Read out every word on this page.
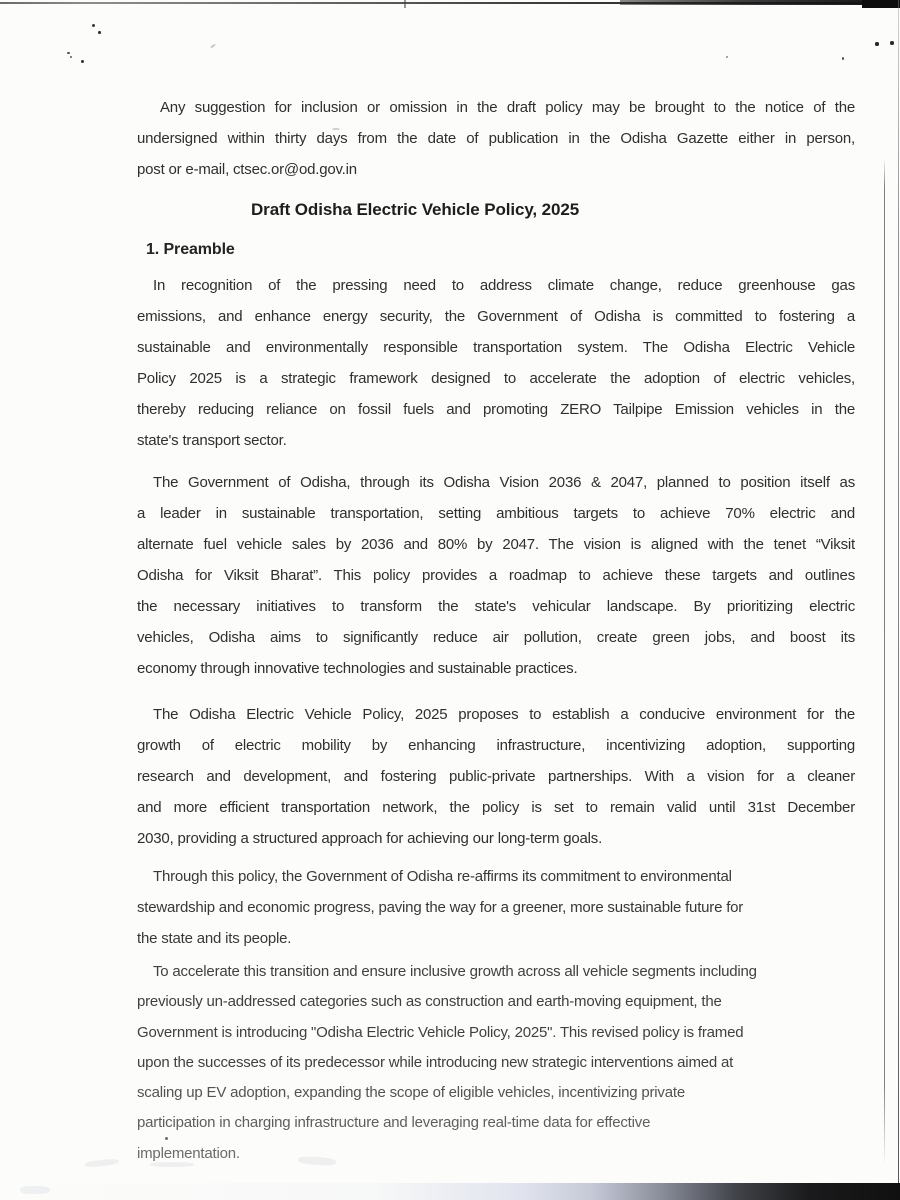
Any suggestion for inclusion or omission in the draft policy may be brought to the notice of the
undersigned within thirty days from the date of publication in the Odisha Gazette either in person,
post or e-mail, ctsec.or@od.gov.in
Draft Odisha Electric Vehicle Policy, 2025
1. Preamble
In recognition of the pressing need to address climate change, reduce greenhouse gas
emissions, and enhance energy security, the Government of Odisha is committed to fostering a
sustainable and environmentally responsible transportation system. The Odisha Electric Vehicle
Policy 2025 is a strategic framework designed to accelerate the adoption of electric vehicles,
thereby reducing reliance on fossil fuels and promoting ZERO Tailpipe Emission vehicles in the
state's transport sector.
The Government of Odisha, through its Odisha Vision 2036 & 2047, planned to position itself as
a leader in sustainable transportation, setting ambitious targets to achieve 70% electric and
alternate fuel vehicle sales by 2036 and 80% by 2047. The vision is aligned with the tenet “Viksit
Odisha for Viksit Bharat”. This policy provides a roadmap to achieve these targets and outlines
the necessary initiatives to transform the state's vehicular landscape. By prioritizing electric
vehicles, Odisha aims to significantly reduce air pollution, create green jobs, and boost its
economy through innovative technologies and sustainable practices.
The Odisha Electric Vehicle Policy, 2025 proposes to establish a conducive environment for the
growth of electric mobility by enhancing infrastructure, incentivizing adoption, supporting
research and development, and fostering public-private partnerships. With a vision for a cleaner
and more efficient transportation network, the policy is set to remain valid until 31st December
2030, providing a structured approach for achieving our long-term goals.
Through this policy, the Government of Odisha re-affirms its commitment to environmental
stewardship and economic progress, paving the way for a greener, more sustainable future for
the state and its people.
To accelerate this transition and ensure inclusive growth across all vehicle segments including
previously un-addressed categories such as construction and earth-moving equipment, the
Government is introducing "Odisha Electric Vehicle Policy, 2025". This revised policy is framed
upon the successes of its predecessor while introducing new strategic interventions aimed at
scaling up EV adoption, expanding the scope of eligible vehicles, incentivizing private
participation in charging infrastructure and leveraging real-time data for effective
implementation.
